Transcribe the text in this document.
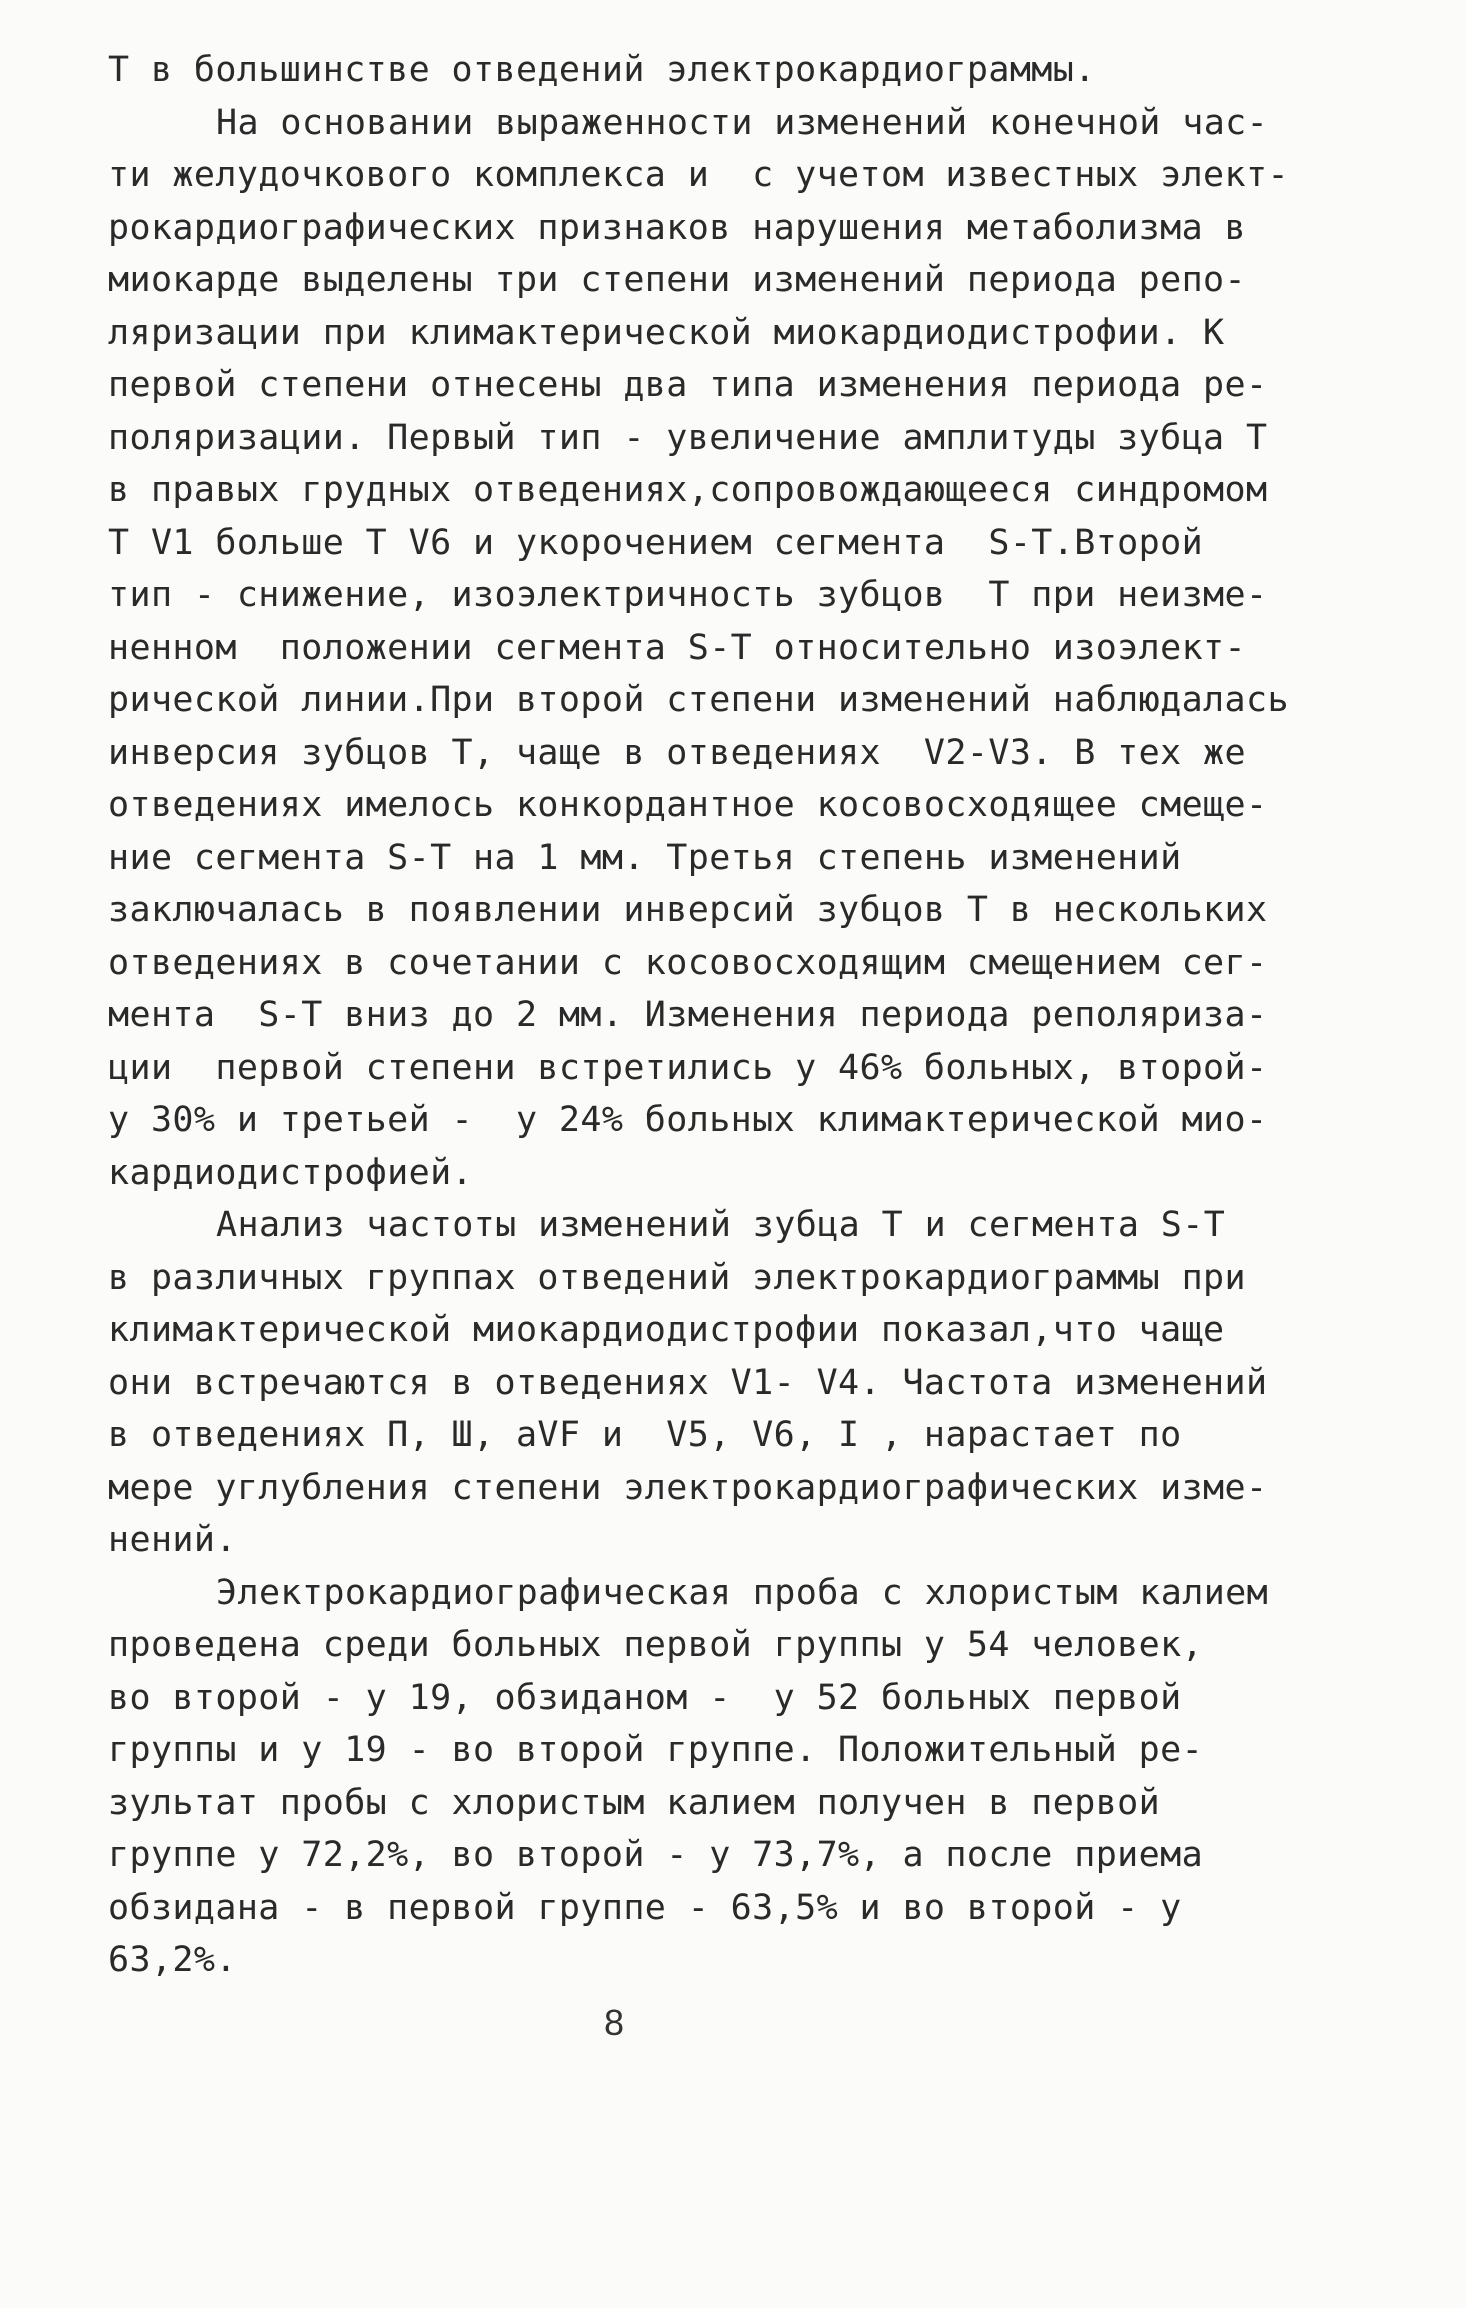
Т в большинстве отведений электрокардиограммы.
На основании выраженности изменений конечной час-
ти желудочкового комплекса и  с учетом известных элект-
рокардиографических признаков нарушения метаболизма в
миокарде выделены три степени изменений периода репо-
ляризации при климактерической миокардиодистрофии. К
первой степени отнесены два типа изменения периода ре-
поляризации. Первый тип - увеличение амплитуды зубца Т
в правых грудных отведениях,сопровождающееся синдромом
Т V1 больше Т V6 и укорочением сегмента  S-Т.Второй
тип - снижение, изоэлектричность зубцов  Т при неизме-
ненном  положении сегмента S-Т относительно изоэлект-
рической линии.При второй степени изменений наблюдалась
инверсия зубцов Т, чаще в отведениях  V2-V3. В тех же
отведениях имелось конкордантное косовосходящее смеще-
ние сегмента S-Т на 1 мм. Третья степень изменений
заключалась в появлении инверсий зубцов Т в нескольких
отведениях в сочетании с косовосходящим смещением сег-
мента  S-Т вниз до 2 мм. Изменения периода реполяриза-
ции  первой степени встретились у 46% больных, второй-
у 30% и третьей -  у 24% больных климактерической мио-
кардиодистрофией.
Анализ частоты изменений зубца Т и сегмента S-Т
в различных группах отведений электрокардиограммы при
климактерической миокардиодистрофии показал,что чаще
они встречаются в отведениях V1- V4. Частота изменений
в отведениях П, Ш, aVF и  V5, V6, I , нарастает по
мере углубления степени электрокардиографических изме-
нений.
Электрокардиографическая проба с хлористым калием
проведена среди больных первой группы у 54 человек,
во второй - у 19, обзиданом -  у 52 больных первой
группы и у 19 - во второй группе. Положительный ре-
зультат пробы с хлористым калием получен в первой
группе у 72,2%, во второй - у 73,7%, а после приема
обзидана - в первой группе - 63,5% и во второй - у
63,2%.
8
